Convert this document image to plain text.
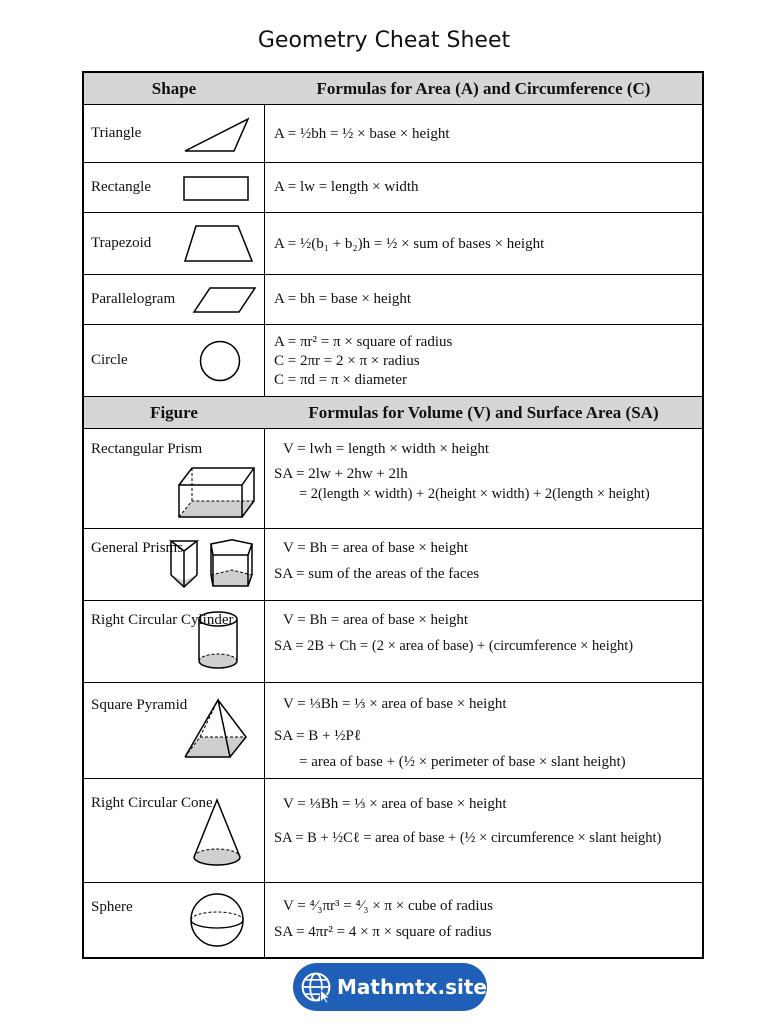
Geometry Cheat Sheet
Shape	Formulas for Area (A) and Circumference (C)
Triangle	A = ½bh = ½ × base × height
Rectangle	A = lw = length × width
Trapezoid	A = ½(b₁ + b₂)h = ½ × sum of bases × height
Parallelogram	A = bh = base × height
Circle
A = πr² = π × square of radius
C = 2πr = 2 × π × radius
C = πd = π × diameter
Figure	Formulas for Volume (V) and Surface Area (SA)
Rectangular Prism	V = lwh = length × width × height
SA = 2lw + 2hw + 2lh
= 2(length × width) + 2(height × width) + 2(length × height)
General Prisms	V = Bh = area of base × height
SA = sum of the areas of the faces
Right Circular Cylinder	V = Bh = area of base × height
SA = 2B + Ch = (2 × area of base) + (circumference × height)
Square Pyramid	V = ⅓Bh = ⅓ × area of base × height
SA = B + ½Pℓ
= area of base + (½ × perimeter of base × slant height)
Right Circular Cone	V = ⅓Bh = ⅓ × area of base × height
SA = B + ½Cℓ = area of base + (½ × circumference × slant height)
Sphere	V = ⁴⁄₃πr³ = ⁴⁄₃ × π × cube of radius
SA = 4πr² = 4 × π × square of radius
Mathmtx.site
